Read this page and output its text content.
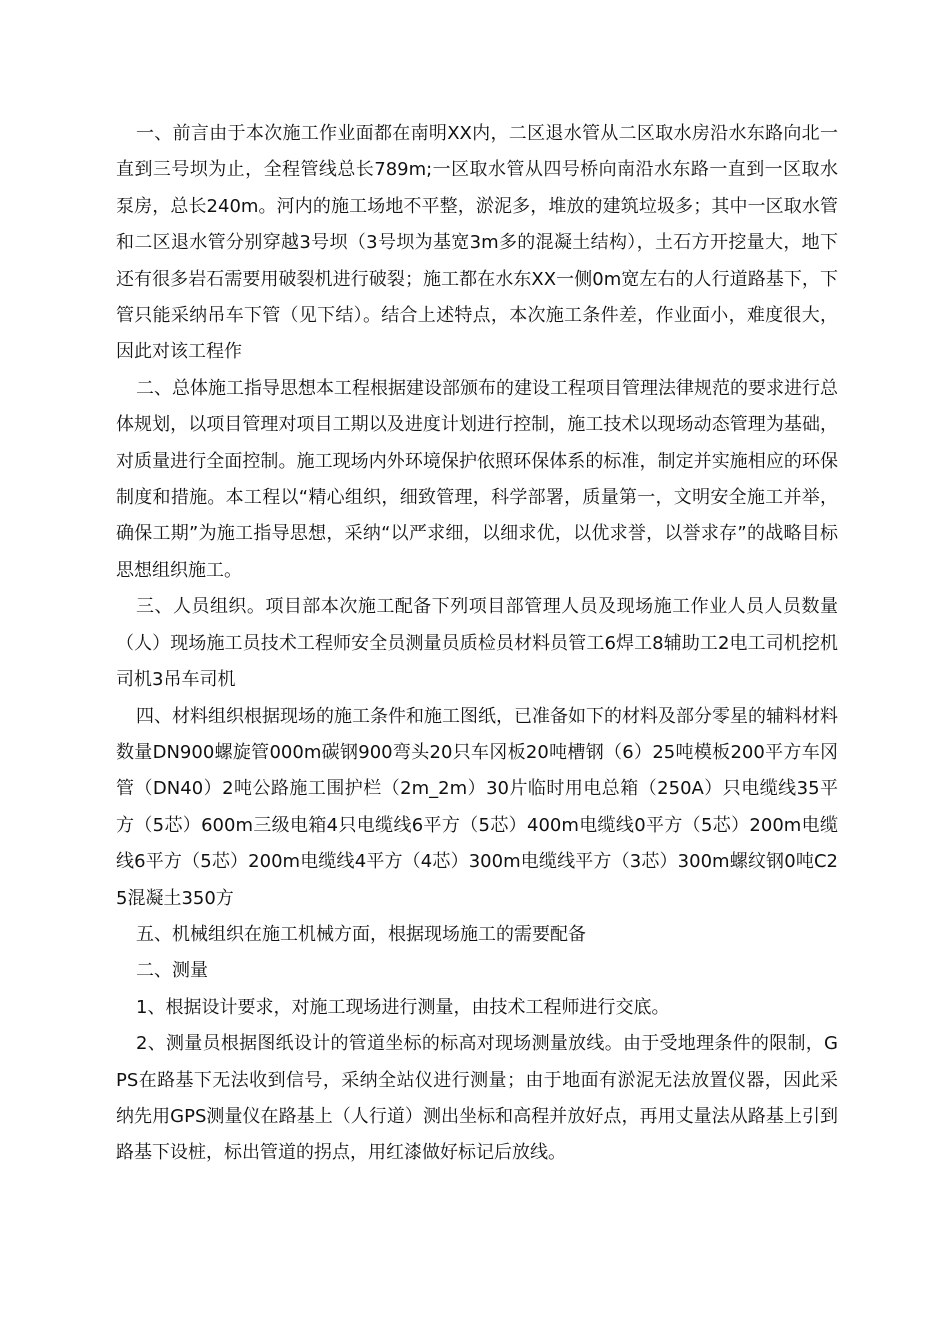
一、前言由于本次施工作业面都在南明XX内，二区退水管从二区取水房沿水东路向北一直到三号坝为止，全程管线总长789m;一区取水管从四号桥向南沿水东路一直到一区取水泵房，总长240m。河内的施工场地不平整，淤泥多，堆放的建筑垃圾多；其中一区取水管和二区退水管分别穿越3号坝（3号坝为基宽3m多的混凝土结构），土石方开挖量大，地下还有很多岩石需要用破裂机进行破裂；施工都在水东XX一侧0m宽左右的人行道路基下，下管只能采纳吊车下管（见下结）。结合上述特点，本次施工条件差，作业面小，难度很大，因此对该工程作

二、总体施工指导思想本工程根据建设部颁布的建设工程项目管理法律规范的要求进行总体规划，以项目管理对项目工期以及进度计划进行控制，施工技术以现场动态管理为基础，对质量进行全面控制。施工现场内外环境保护依照环保体系的标准，制定并实施相应的环保制度和措施。本工程以“精心组织，细致管理，科学部署，质量第一，文明安全施工并举，确保工期”为施工指导思想，采纳“以严求细，以细求优，以优求誉，以誉求存”的战略目标思想组织施工。

三、人员组织。项目部本次施工配备下列项目部管理人员及现场施工作业人员人员数量（人）现场施工员技术工程师安全员测量员质检员材料员管工6焊工8辅助工2电工司机挖机司机3吊车司机

四、材料组织根据现场的施工条件和施工图纸，已准备如下的材料及部分零星的辅料材料数量DN900螺旋管000m碳钢900弯头20只车冈板20吨槽钢（6）25吨模板200平方车冈管（DN40）2吨公路施工围护栏（2m_2m）30片临时用电总箱（250A）只电缆线35平方（5芯）600m三级电箱4只电缆线6平方（5芯）400m电缆线0平方（5芯）200m电缆线6平方（5芯）200m电缆线4平方（4芯）300m电缆线平方（3芯）300m螺纹钢0吨C25混凝土350方

五、机械组织在施工机械方面，根据现场施工的需要配备

二、测量

1、根据设计要求，对施工现场进行测量，由技术工程师进行交底。

2、测量员根据图纸设计的管道坐标的标高对现场测量放线。由于受地理条件的限制，GPS在路基下无法收到信号，采纳全站仪进行测量；由于地面有淤泥无法放置仪器，因此采纳先用GPS测量仪在路基上（人行道）测出坐标和高程并放好点，再用丈量法从路基上引到路基下设桩，标出管道的拐点，用红漆做好标记后放线。
